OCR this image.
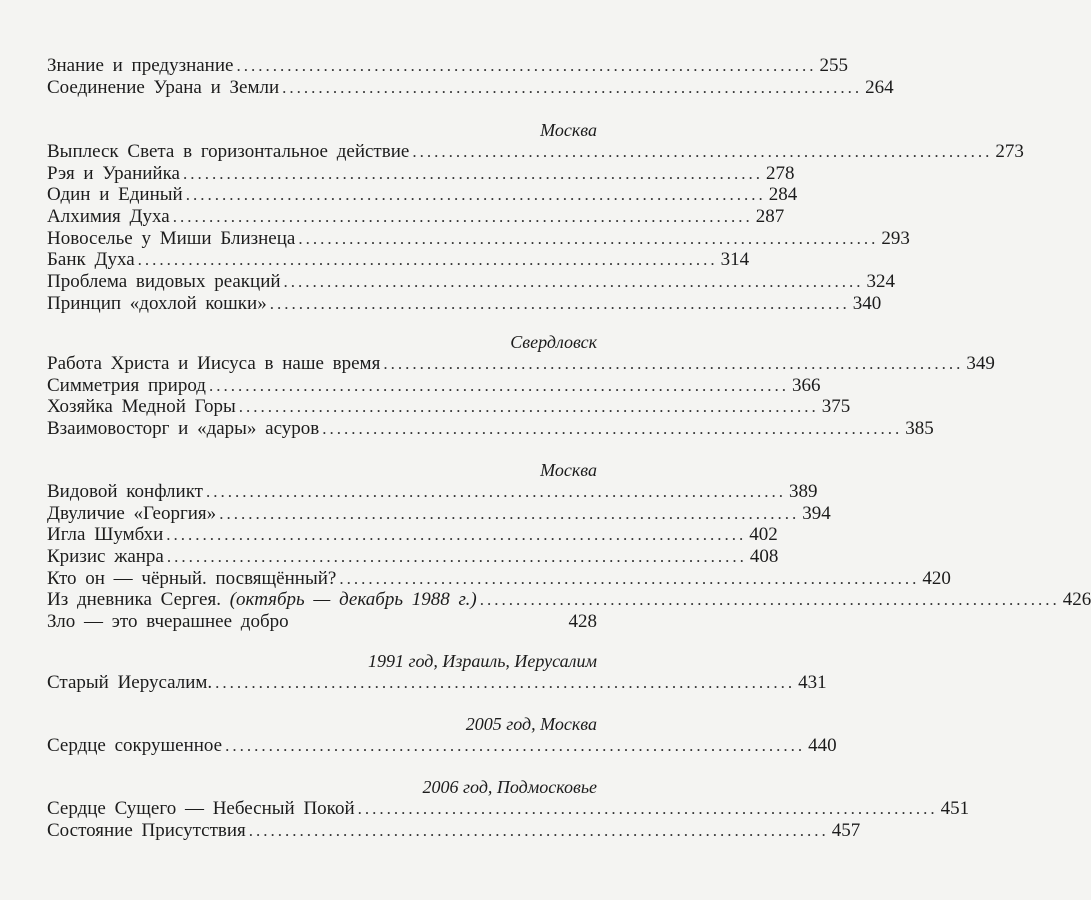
Знание и предузнание ................................................................................ 255
Соединение Урана и Земли ................................................................................ 264
Москва
Выплеск Света в горизонтальное действие ................................................................................ 273
Рэя и Уранийка ................................................................................ 278
Один и Единый ................................................................................ 284
Алхимия Духа ................................................................................ 287
Новоселье у Миши Близнеца ................................................................................ 293
Банк Духа ................................................................................ 314
Проблема видовых реакций ................................................................................ 324
Принцип «дохлой кошки» ................................................................................ 340
Свердловск
Работа Христа и Иисуса в наше время ................................................................................ 349
Симметрия природ ................................................................................ 366
Хозяйка Медной Горы ................................................................................ 375
Взаимовосторг и «дары» асуров ................................................................................ 385
Москва
Видовой конфликт ................................................................................ 389
Двуличие «Георгия» ................................................................................ 394
Игла Шумбхи ................................................................................ 402
Кризис жанра ................................................................................ 408
Кто он — чёрный. посвящённый? ................................................................................ 420
Из дневника Сергея. (октябрь — декабрь 1988 г.) ................................................................................ 426
Зло — это вчерашнее добро	428
1991 год, Израиль, Иерусалим
Старый Иерусалим. ................................................................................ 431
2005 год, Москва
Сердце сокрушенное ................................................................................ 440
2006 год, Подмосковье
Сердце Сущего — Небесный Покой ................................................................................ 451
Состояние Присутствия ................................................................................ 457
